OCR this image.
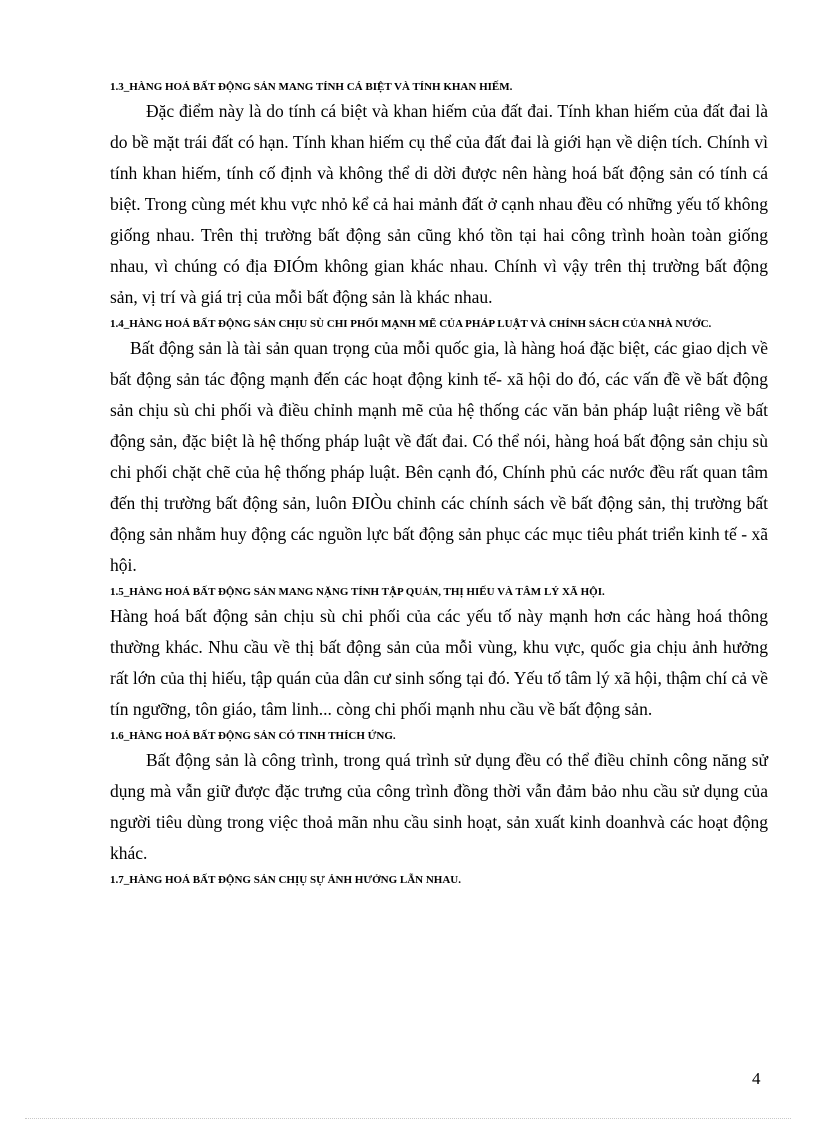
1.3_HÀNG HOÁ BẤT ĐỘNG SẢN MANG TÍNH CÁ BIỆT VÀ TÍNH KHAN HIẾM.

Đặc điểm này là do tính cá biệt và khan hiếm của đất đai. Tính khan hiếm của đất đai là do bề mặt trái đất có hạn. Tính khan hiếm cụ thể của đất đai là giới hạn về diện tích. Chính vì tính khan hiếm, tính cố định và không thể di dời được nên hàng hoá bất động sản có tính cá biệt. Trong cùng mét khu vực nhỏ kể cả hai mảnh đất ở cạnh nhau đều có những yếu tố không giống nhau. Trên thị trường bất động sản cũng khó tồn tại hai công trình hoàn toàn giống nhau, vì chúng có địa ĐIÓm không gian khác nhau. Chính vì vậy trên thị trường bất động sản, vị trí và giá trị của mỗi bất động sản là khác nhau.

1.4_HÀNG HOÁ BẤT ĐỘNG SẢN CHỊU SÙ CHI PHỐI MẠNH MẼ CỦA PHÁP LUẬT VÀ CHÍNH SÁCH CỦA NHÀ NƯỚC.

Bất động sản là tài sản quan trọng của mỗi quốc gia, là hàng hoá đặc biệt, các giao dịch về bất động sản tác động mạnh đến các hoạt động kinh tế- xã hội do đó, các vấn đề về bất động sản chịu sù chi phối và điều chỉnh mạnh mẽ của hệ thống các văn bản pháp luật riêng về bất động sản, đặc biệt là hệ thống pháp luật về đất đai. Có thể nói, hàng hoá bất động sản chịu sù chi phối chặt chẽ của hệ thống pháp luật. Bên cạnh đó, Chính phủ các nước đều rất quan tâm đến thị trường bất động sản, luôn ĐIÒu chỉnh các chính sách về bất động sản, thị trường bất động sản nhằm huy động các nguồn lực bất động sản phục các mục tiêu phát triển kinh tế - xã hội.

1.5_HÀNG HOÁ BẤT ĐỘNG SẢN MANG NẶNG TÍNH TẬP QUÁN, THỊ HIẾU VÀ TÂM LÝ XÃ HỘI.

Hàng hoá bất động sản chịu sù chi phối của các yếu tố này mạnh hơn các hàng hoá thông thường khác. Nhu cầu về thị bất động sản của mỗi vùng, khu vực, quốc gia chịu ảnh hưởng rất lớn của thị hiếu, tập quán của dân cư sinh sống tại đó. Yếu tố tâm lý xã hội, thậm chí cả về tín ngưỡng, tôn giáo, tâm linh... còng chi phối mạnh nhu cầu về bất động sản.

1.6_HÀNG HOÁ BẤT ĐỘNG SẢN CÓ TINH THÍCH ỨNG.

Bất động sản là công trình, trong quá trình sử dụng đều có thể điều chỉnh công năng sử dụng mà vẫn giữ được đặc trưng của công trình đồng thời vẫn đảm bảo nhu cầu sử dụng của người tiêu dùng trong việc thoả mãn nhu cầu sinh hoạt, sản xuất kinh doanhvà các hoạt động khác.

1.7_HÀNG HOÁ BẤT ĐỘNG SẢN CHỊỤ SỰ ẢNH HƯỞNG LẪN NHAU.

4
